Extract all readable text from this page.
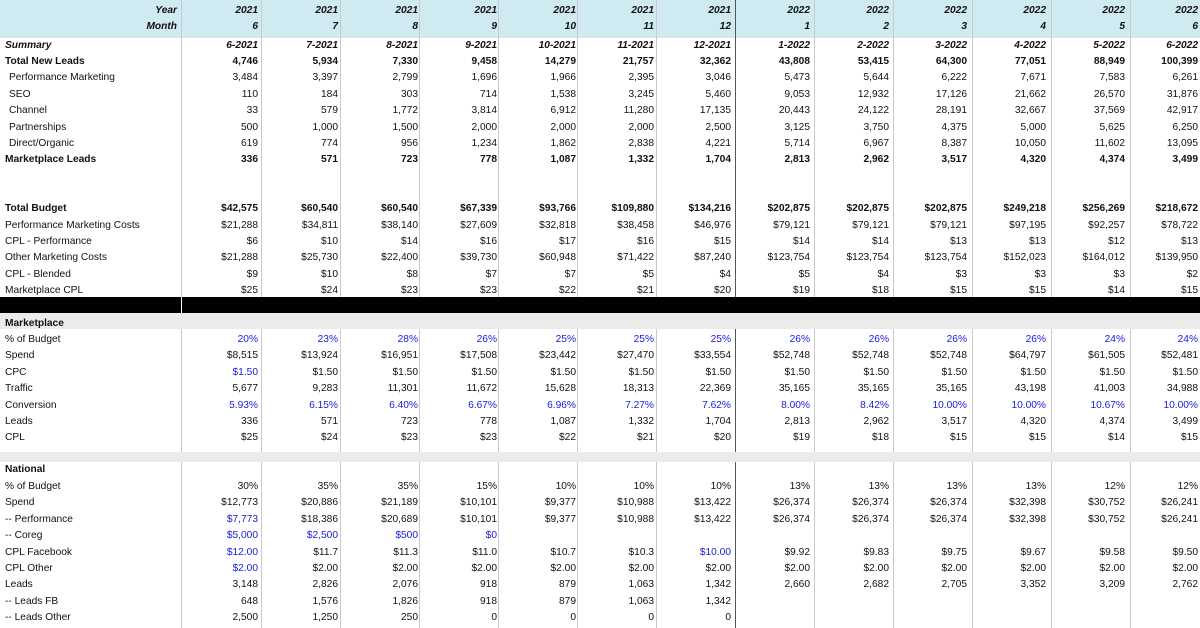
Year	2021	2021	2021	2021	2021	2021	2021	2022	2022	2022	2022	2022	2022
Month	6	7	8	9	10	11	12	1	2	3	4	5	6
Summary	6-2021	7-2021	8-2021	9-2021	10-2021	11-2021	12-2021	1-2022	2-2022	3-2022	4-2022	5-2022	6-2022
Total New Leads	4,746	5,934	7,330	9,458	14,279	21,757	32,362	43,808	53,415	64,300	77,051	88,949	100,399
Performance Marketing	3,484	3,397	2,799	1,696	1,966	2,395	3,046	5,473	5,644	6,222	7,671	7,583	6,261
SEO	110	184	303	714	1,538	3,245	5,460	9,053	12,932	17,126	21,662	26,570	31,876
Channel	33	579	1,772	3,814	6,912	11,280	17,135	20,443	24,122	28,191	32,667	37,569	42,917
Partnerships	500	1,000	1,500	2,000	2,000	2,000	2,500	3,125	3,750	4,375	5,000	5,625	6,250
Direct/Organic	619	774	956	1,234	1,862	2,838	4,221	5,714	6,967	8,387	10,050	11,602	13,095
Marketplace Leads	336	571	723	778	1,087	1,332	1,704	2,813	2,962	3,517	4,320	4,374	3,499
Total Budget	$42,575	$60,540	$60,540	$67,339	$93,766	$109,880	$134,216	$202,875	$202,875	$202,875	$249,218	$256,269	$218,672
Performance Marketing Costs	$21,288	$34,811	$38,140	$27,609	$32,818	$38,458	$46,976	$79,121	$79,121	$79,121	$97,195	$92,257	$78,722
CPL - Performance	$6	$10	$14	$16	$17	$16	$15	$14	$14	$13	$13	$12	$13
Other Marketing Costs	$21,288	$25,730	$22,400	$39,730	$60,948	$71,422	$87,240	$123,754	$123,754	$123,754	$152,023	$164,012	$139,950
CPL - Blended	$9	$10	$8	$7	$7	$5	$4	$5	$4	$3	$3	$3	$2
Marketplace CPL	$25	$24	$23	$23	$22	$21	$20	$19	$18	$15	$15	$14	$15
Marketplace
% of Budget	20%	23%	28%	26%	25%	25%	25%	26%	26%	26%	26%	24%	24%
Spend	$8,515	$13,924	$16,951	$17,508	$23,442	$27,470	$33,554	$52,748	$52,748	$52,748	$64,797	$61,505	$52,481
CPC	$1.50	$1.50	$1.50	$1.50	$1.50	$1.50	$1.50	$1.50	$1.50	$1.50	$1.50	$1.50	$1.50
Traffic	5,677	9,283	11,301	11,672	15,628	18,313	22,369	35,165	35,165	35,165	43,198	41,003	34,988
Conversion	5.93%	6.15%	6.40%	6.67%	6.96%	7.27%	7.62%	8.00%	8.42%	10.00%	10.00%	10.67%	10.00%
Leads	336	571	723	778	1,087	1,332	1,704	2,813	2,962	3,517	4,320	4,374	3,499
CPL	$25	$24	$23	$23	$22	$21	$20	$19	$18	$15	$15	$14	$15
National
% of Budget	30%	35%	35%	15%	10%	10%	10%	13%	13%	13%	13%	12%	12%
Spend	$12,773	$20,886	$21,189	$10,101	$9,377	$10,988	$13,422	$26,374	$26,374	$26,374	$32,398	$30,752	$26,241
-- Performance	$7,773	$18,386	$20,689	$10,101	$9,377	$10,988	$13,422	$26,374	$26,374	$26,374	$32,398	$30,752	$26,241
-- Coreg	$5,000	$2,500	$500	$0
CPL Facebook	$12.00	$11.7	$11.3	$11.0	$10.7	$10.3	$10.00	$9.92	$9.83	$9.75	$9.67	$9.58	$9.50
CPL Other	$2.00	$2.00	$2.00	$2.00	$2.00	$2.00	$2.00	$2.00	$2.00	$2.00	$2.00	$2.00	$2.00
Leads	3,148	2,826	2,076	918	879	1,063	1,342	2,660	2,682	2,705	3,352	3,209	2,762
-- Leads FB	648	1,576	1,826	918	879	1,063	1,342
-- Leads Other	2,500	1,250	250	0	0	0	0
